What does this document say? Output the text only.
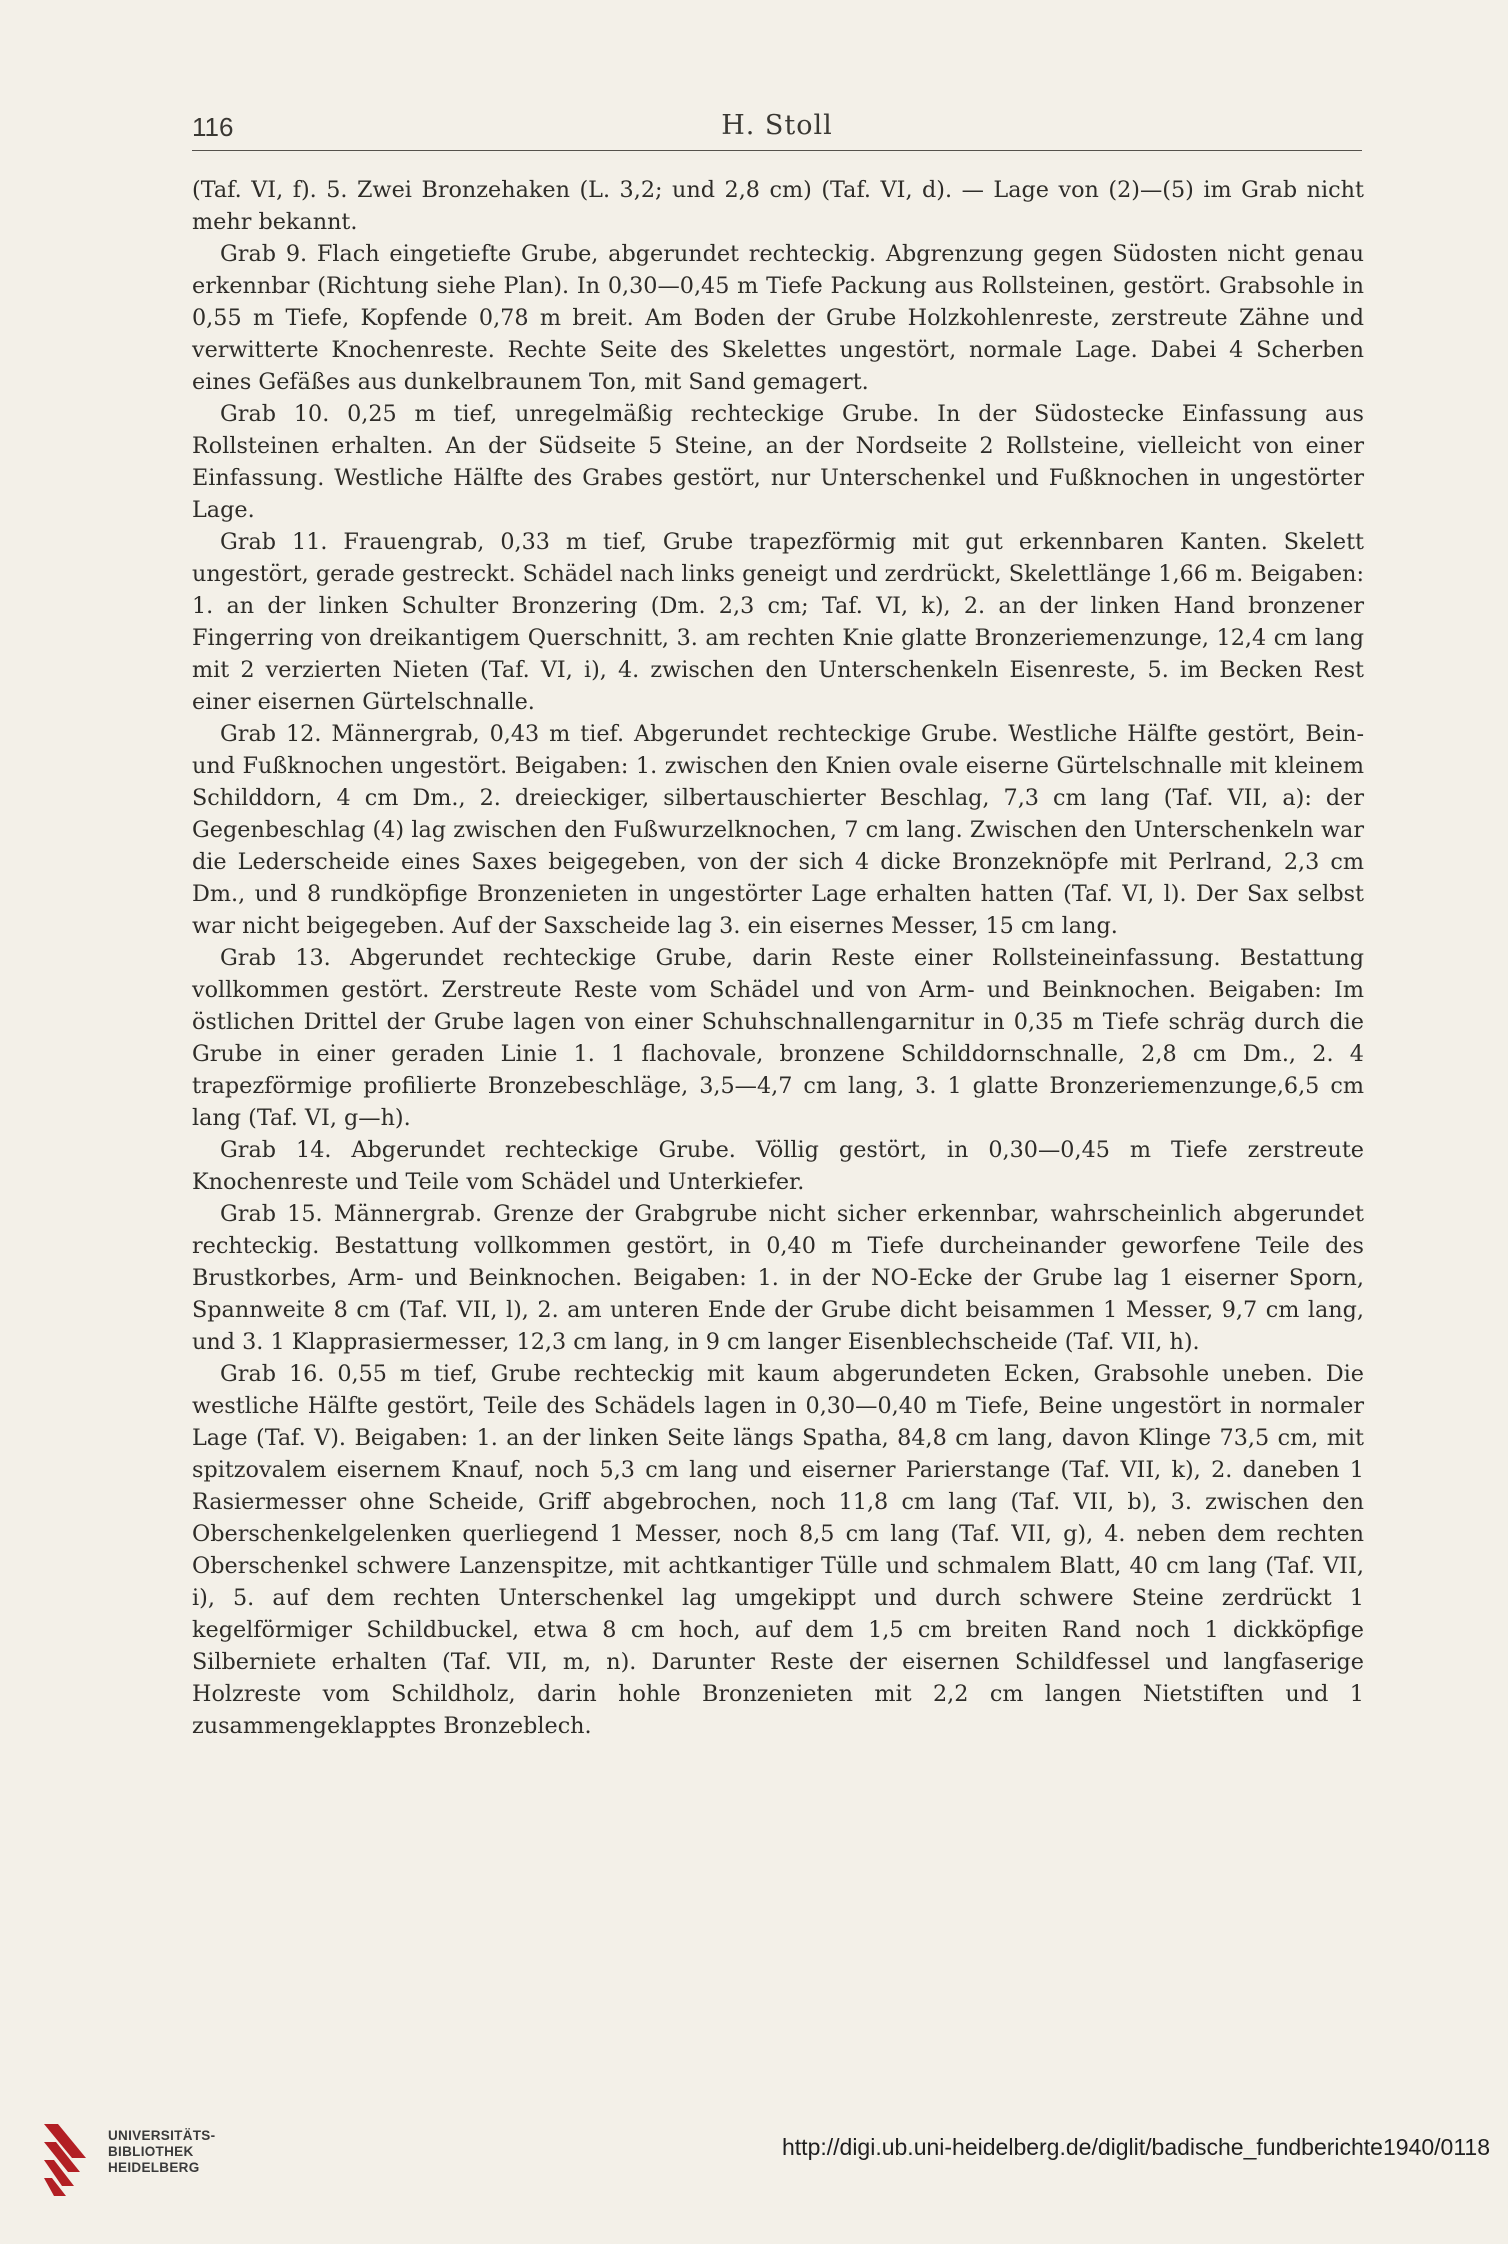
116	H. Stoll

(Taf. VI, f). 5. Zwei Bronzehaken (L. 3,2; und 2,8 cm) (Taf. VI, d). — Lage von (2)—(5) im Grab nicht mehr bekannt.

Grab 9. Flach eingetiefte Grube, abgerundet rechteckig. Abgrenzung gegen Südosten nicht genau erkennbar (Richtung siehe Plan). In 0,30—0,45 m Tiefe Packung aus Rollsteinen, gestört. Grabsohle in 0,55 m Tiefe, Kopfende 0,78 m breit. Am Boden der Grube Holzkohlenreste, zerstreute Zähne und verwitterte Knochenreste. Rechte Seite des Skelettes ungestört, normale Lage. Dabei 4 Scherben eines Gefäßes aus dunkelbraunem Ton, mit Sand gemagert.

Grab 10. 0,25 m tief, unregelmäßig rechteckige Grube. In der Südostecke Einfassung aus Rollsteinen erhalten. An der Südseite 5 Steine, an der Nordseite 2 Rollsteine, vielleicht von einer Einfassung. Westliche Hälfte des Grabes gestört, nur Unterschenkel und Fußknochen in ungestörter Lage.

Grab 11. Frauengrab, 0,33 m tief, Grube trapezförmig mit gut erkennbaren Kanten. Skelett ungestört, gerade gestreckt. Schädel nach links geneigt und zerdrückt, Skelettlänge 1,66 m. Beigaben: 1. an der linken Schulter Bronzering (Dm. 2,3 cm; Taf. VI, k), 2. an der linken Hand bronzener Fingerring von dreikantigem Querschnitt, 3. am rechten Knie glatte Bronzeriemenzunge, 12,4 cm lang mit 2 verzierten Nieten (Taf. VI, i), 4. zwischen den Unterschenkeln Eisenreste, 5. im Becken Rest einer eisernen Gürtelschnalle.

Grab 12. Männergrab, 0,43 m tief. Abgerundet rechteckige Grube. Westliche Hälfte gestört, Bein- und Fußknochen ungestört. Beigaben: 1. zwischen den Knien ovale eiserne Gürtelschnalle mit kleinem Schilddorn, 4 cm Dm., 2. dreieckiger, silbertauschierter Beschlag, 7,3 cm lang (Taf. VII, a): der Gegenbeschlag (4) lag zwischen den Fußwurzelknochen, 7 cm lang. Zwischen den Unterschenkeln war die Lederscheide eines Saxes beigegeben, von der sich 4 dicke Bronzeknöpfe mit Perlrand, 2,3 cm Dm., und 8 rundköpfige Bronzenieten in ungestörter Lage erhalten hatten (Taf. VI, l). Der Sax selbst war nicht beigegeben. Auf der Saxscheide lag 3. ein eisernes Messer, 15 cm lang.

Grab 13. Abgerundet rechteckige Grube, darin Reste einer Rollsteineinfassung. Bestattung vollkommen gestört. Zerstreute Reste vom Schädel und von Arm- und Beinknochen. Beigaben: Im östlichen Drittel der Grube lagen von einer Schuhschnallengarnitur in 0,35 m Tiefe schräg durch die Grube in einer geraden Linie 1. 1 flachovale, bronzene Schilddornschnalle, 2,8 cm Dm., 2. 4 trapezförmige profilierte Bronzebeschläge, 3,5—4,7 cm lang, 3. 1 glatte Bronzeriemenzunge,6,5 cm lang (Taf. VI, g—h).

Grab 14. Abgerundet rechteckige Grube. Völlig gestört, in 0,30—0,45 m Tiefe zerstreute Knochenreste und Teile vom Schädel und Unterkiefer.

Grab 15. Männergrab. Grenze der Grabgrube nicht sicher erkennbar, wahrscheinlich abgerundet rechteckig. Bestattung vollkommen gestört, in 0,40 m Tiefe durcheinander geworfene Teile des Brustkorbes, Arm- und Beinknochen. Beigaben: 1. in der NO-Ecke der Grube lag 1 eiserner Sporn, Spannweite 8 cm (Taf. VII, l), 2. am unteren Ende der Grube dicht beisammen 1 Messer, 9,7 cm lang, und 3. 1 Klapprasiermesser, 12,3 cm lang, in 9 cm langer Eisenblechscheide (Taf. VII, h).

Grab 16. 0,55 m tief, Grube rechteckig mit kaum abgerundeten Ecken, Grabsohle uneben. Die westliche Hälfte gestört, Teile des Schädels lagen in 0,30—0,40 m Tiefe, Beine ungestört in normaler Lage (Taf. V). Beigaben: 1. an der linken Seite längs Spatha, 84,8 cm lang, davon Klinge 73,5 cm, mit spitzovalem eisernem Knauf, noch 5,3 cm lang und eiserner Parierstange (Taf. VII, k), 2. daneben 1 Rasiermesser ohne Scheide, Griff abgebrochen, noch 11,8 cm lang (Taf. VII, b), 3. zwischen den Oberschenkelgelenken querliegend 1 Messer, noch 8,5 cm lang (Taf. VII, g), 4. neben dem rechten Oberschenkel schwere Lanzenspitze, mit achtkantiger Tülle und schmalem Blatt, 40 cm lang (Taf. VII, i), 5. auf dem rechten Unterschenkel lag umgekippt und durch schwere Steine zerdrückt 1 kegelförmiger Schildbuckel, etwa 8 cm hoch, auf dem 1,5 cm breiten Rand noch 1 dickköpfige Silberniete erhalten (Taf. VII, m, n). Darunter Reste der eisernen Schildfessel und langfaserige Holzreste vom Schildholz, darin hohle Bronzenieten mit 2,2 cm langen Nietstiften und 1 zusammengeklapptes Bronzeblech.

UNIVERSITÄTS-
BIBLIOTHEK
HEIDELBERG
http://digi.ub.uni-heidelberg.de/diglit/badische_fundberichte1940/0118
